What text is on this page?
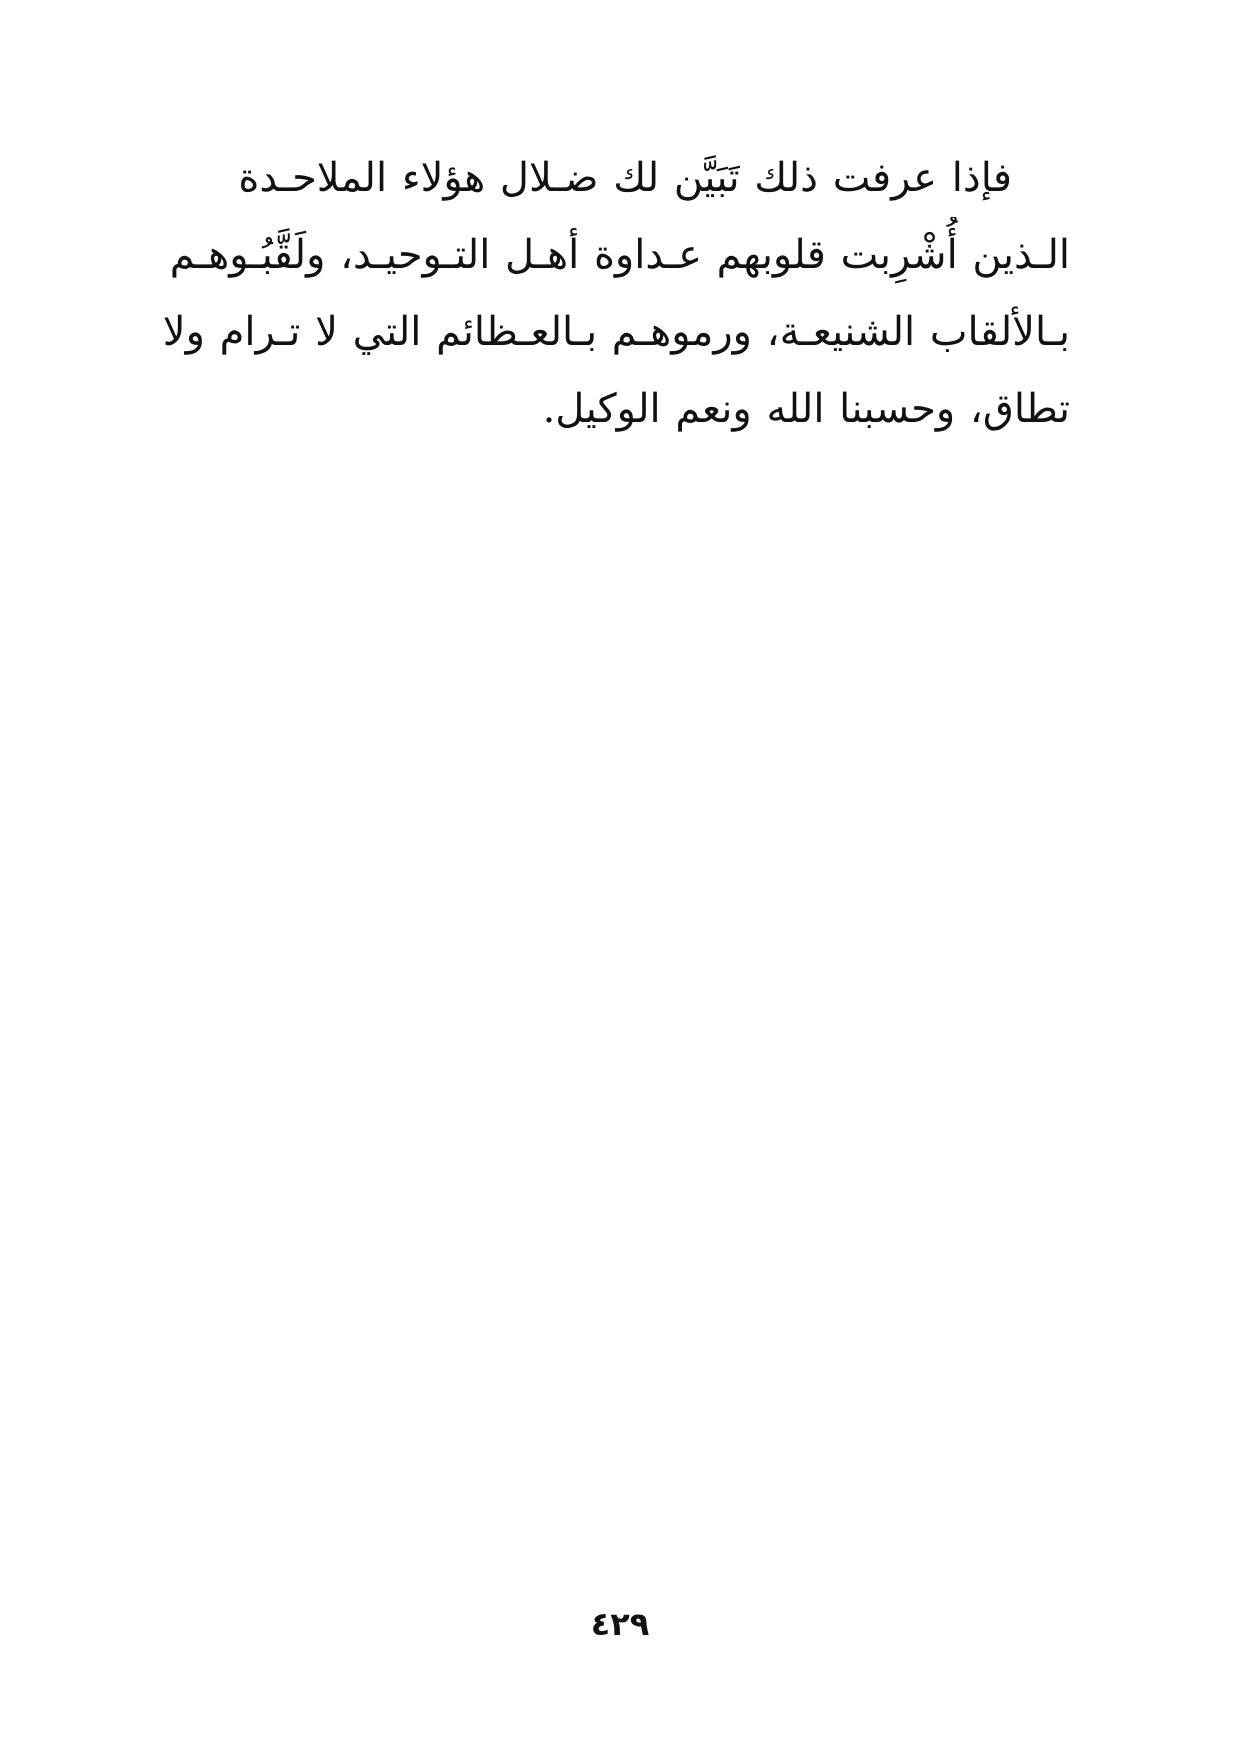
فإذا عرفت ذلك تَبَيَّن لك ضـلال هؤلاء الملاحـدة
الـذين أُشْرِبت قلوبهم عـداوة أهـل التـوحيـد، ولَقَّبُـوهـم
بـالألقاب الشنيعـة، ورموهـم بـالعـظائم التي لا تـرام ولا
تطاق، وحسبنا الله ونعم الوكيل.
٤٢٩
